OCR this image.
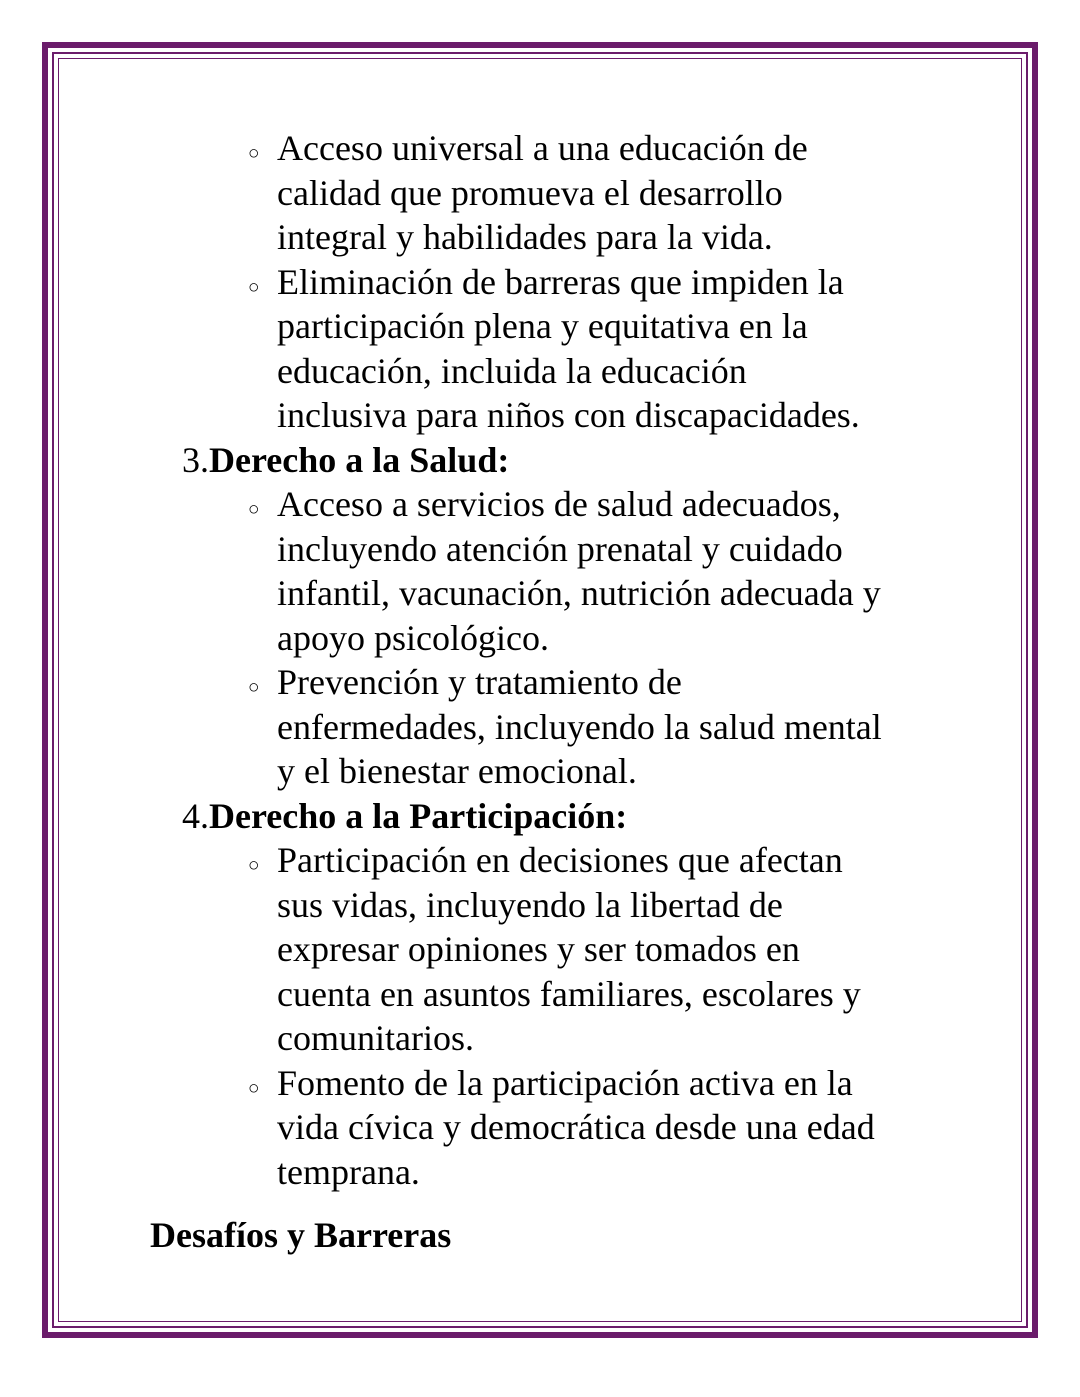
○ Acceso universal a una educación de
calidad que promueva el desarrollo
integral y habilidades para la vida.
○ Eliminación de barreras que impiden la
participación plena y equitativa en la
educación, incluida la educación
inclusiva para niños con discapacidades.
3.Derecho a la Salud:
○ Acceso a servicios de salud adecuados,
incluyendo atención prenatal y cuidado
infantil, vacunación, nutrición adecuada y
apoyo psicológico.
○ Prevención y tratamiento de
enfermedades, incluyendo la salud mental
y el bienestar emocional.
4.Derecho a la Participación:
○ Participación en decisiones que afectan
sus vidas, incluyendo la libertad de
expresar opiniones y ser tomados en
cuenta en asuntos familiares, escolares y
comunitarios.
○ Fomento de la participación activa en la
vida cívica y democrática desde una edad
temprana.
Desafíos y Barreras
